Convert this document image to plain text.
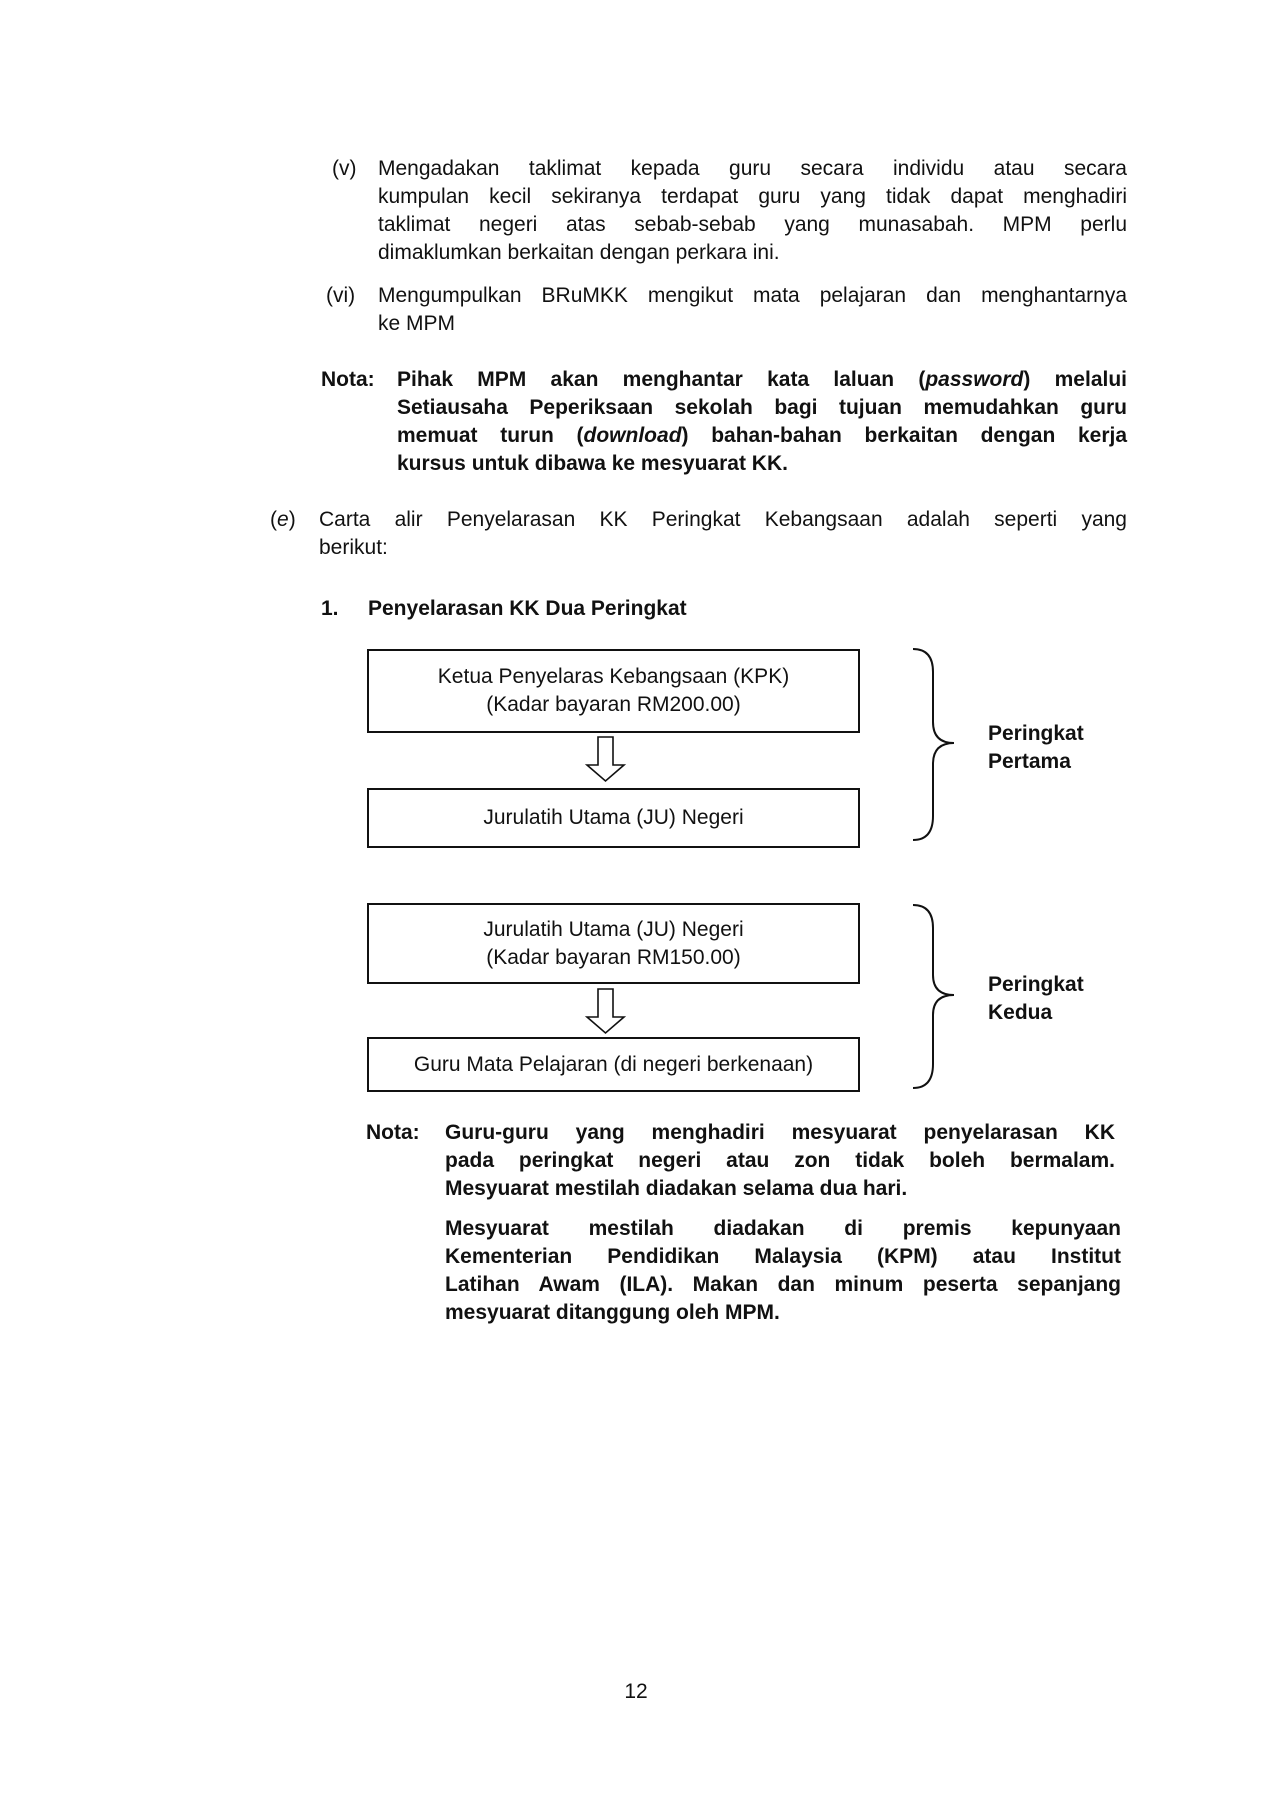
(v) Mengadakan taklimat kepada guru secara individu atau secara
kumpulan kecil sekiranya terdapat guru yang tidak dapat menghadiri
taklimat negeri atas sebab-sebab yang munasabah. MPM perlu
dimaklumkan berkaitan dengan perkara ini.
(vi) Mengumpulkan BRuMKK mengikut mata pelajaran dan menghantarnya
ke MPM
Nota: Pihak MPM akan menghantar kata laluan (password) melalui
Setiausaha Peperiksaan sekolah bagi tujuan memudahkan guru
memuat turun (download) bahan-bahan berkaitan dengan kerja
kursus untuk dibawa ke mesyuarat KK.
(e) Carta alir Penyelarasan KK Peringkat Kebangsaan adalah seperti yang
berikut:
1. Penyelarasan KK Dua Peringkat
Ketua Penyelaras Kebangsaan (KPK)
(Kadar bayaran RM200.00)
Jurulatih Utama (JU) Negeri
Jurulatih Utama (JU) Negeri
(Kadar bayaran RM150.00)
Guru Mata Pelajaran (di negeri berkenaan)
Peringkat
Pertama
Peringkat
Kedua
Nota: Guru-guru yang menghadiri mesyuarat penyelarasan KK
pada peringkat negeri atau zon tidak boleh bermalam.
Mesyuarat mestilah diadakan selama dua hari.
Mesyuarat mestilah diadakan di premis kepunyaan
Kementerian Pendidikan Malaysia (KPM) atau Institut
Latihan Awam (ILA). Makan dan minum peserta sepanjang
mesyuarat ditanggung oleh MPM.
12
